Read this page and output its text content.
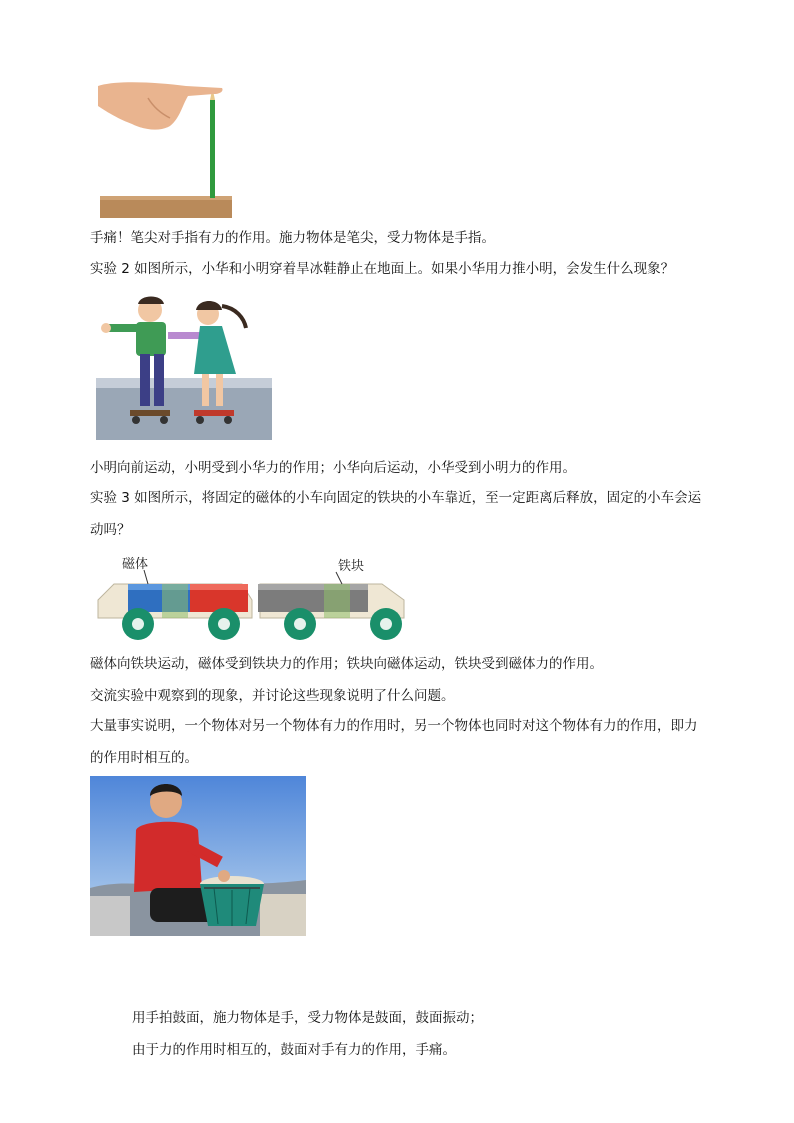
手痛！笔尖对手指有力的作用。施力物体是笔尖，受力物体是手指。
实验 2 如图所示，小华和小明穿着旱冰鞋静止在地面上。如果小华用力推小明，会发生什么现象？
小明向前运动，小明受到小华力的作用；小华向后运动，小华受到小明力的作用。
实验 3 如图所示，将固定的磁体的小车向固定的铁块的小车靠近，至一定距离后释放，固定的小车会运动吗？
磁体	铁块
磁体向铁块运动，磁体受到铁块力的作用；铁块向磁体运动，铁块受到磁体力的作用。
交流实验中观察到的现象，并讨论这些现象说明了什么问题。
大量事实说明，一个物体对另一个物体有力的作用时，另一个物体也同时对这个物体有力的作用，即力的作用时相互的。
用手拍鼓面，施力物体是手，受力物体是鼓面，鼓面振动；
由于力的作用时相互的，鼓面对手有力的作用，手痛。
